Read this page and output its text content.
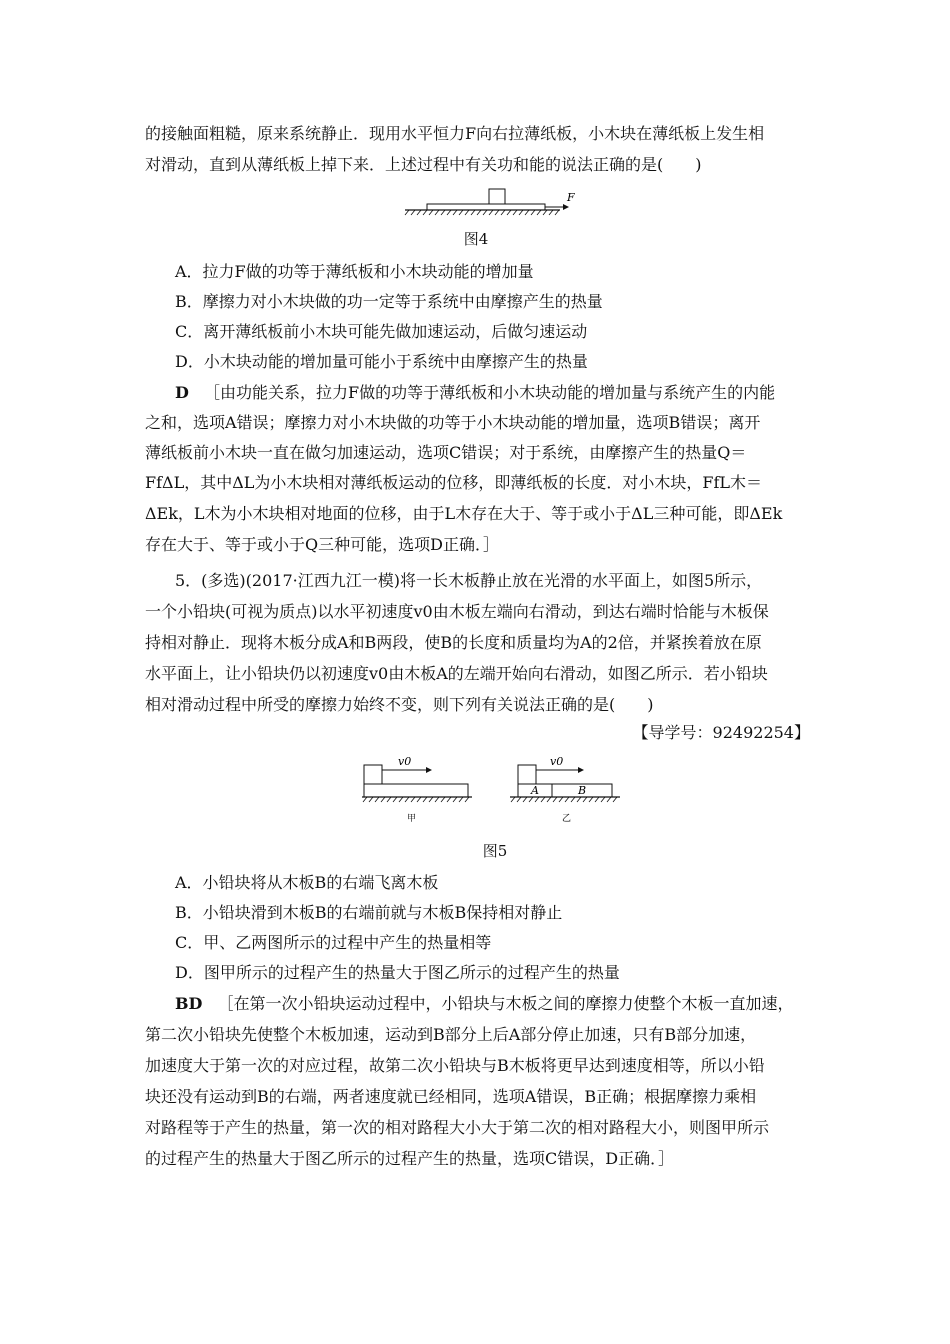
的接触面粗糙，原来系统静止．现用水平恒力F向右拉薄纸板，小木块在薄纸板上发生相
对滑动，直到从薄纸板上掉下来．上述过程中有关功和能的说法正确的是(　　)
F
图4
A．拉力F做的功等于薄纸板和小木块动能的增加量
B．摩擦力对小木块做的功一定等于系统中由摩擦产生的热量
C．离开薄纸板前小木块可能先做加速运动，后做匀速运动
D．小木块动能的增加量可能小于系统中由摩擦产生的热量
D ［由功能关系，拉力F做的功等于薄纸板和小木块动能的增加量与系统产生的内能
之和，选项A错误；摩擦力对小木块做的功等于小木块动能的增加量，选项B错误；离开
薄纸板前小木块一直在做匀加速运动，选项C错误；对于系统，由摩擦产生的热量Q＝
FfΔL，其中ΔL为小木块相对薄纸板运动的位移，即薄纸板的长度．对小木块，FfL木＝
ΔEk，L木为小木块相对地面的位移，由于L木存在大于、等于或小于ΔL三种可能，即ΔEk
存在大于、等于或小于Q三种可能，选项D正确．］
5．(多选)(2017·江西九江一模)将一长木板静止放在光滑的水平面上，如图5所示，
一个小铅块(可视为质点)以水平初速度v0由木板左端向右滑动，到达右端时恰能与木板保
持相对静止．现将木板分成A和B两段，使B的长度和质量均为A的2倍，并紧挨着放在原
水平面上，让小铅块仍以初速度v0由木板A的左端开始向右滑动，如图乙所示．若小铅块
相对滑动过程中所受的摩擦力始终不变，则下列有关说法正确的是(　　)
【导学号：92492254】
v0
甲
v0
A	B
乙
图5
A．小铅块将从木板B的右端飞离木板
B．小铅块滑到木板B的右端前就与木板B保持相对静止
C．甲、乙两图所示的过程中产生的热量相等
D．图甲所示的过程产生的热量大于图乙所示的过程产生的热量
BD ［在第一次小铅块运动过程中，小铅块与木板之间的摩擦力使整个木板一直加速，
第二次小铅块先使整个木板加速，运动到B部分上后A部分停止加速，只有B部分加速，
加速度大于第一次的对应过程，故第二次小铅块与B木板将更早达到速度相等，所以小铅
块还没有运动到B的右端，两者速度就已经相同，选项A错误，B正确；根据摩擦力乘相
对路程等于产生的热量，第一次的相对路程大小大于第二次的相对路程大小，则图甲所示
的过程产生的热量大于图乙所示的过程产生的热量，选项C错误，D正确．］
